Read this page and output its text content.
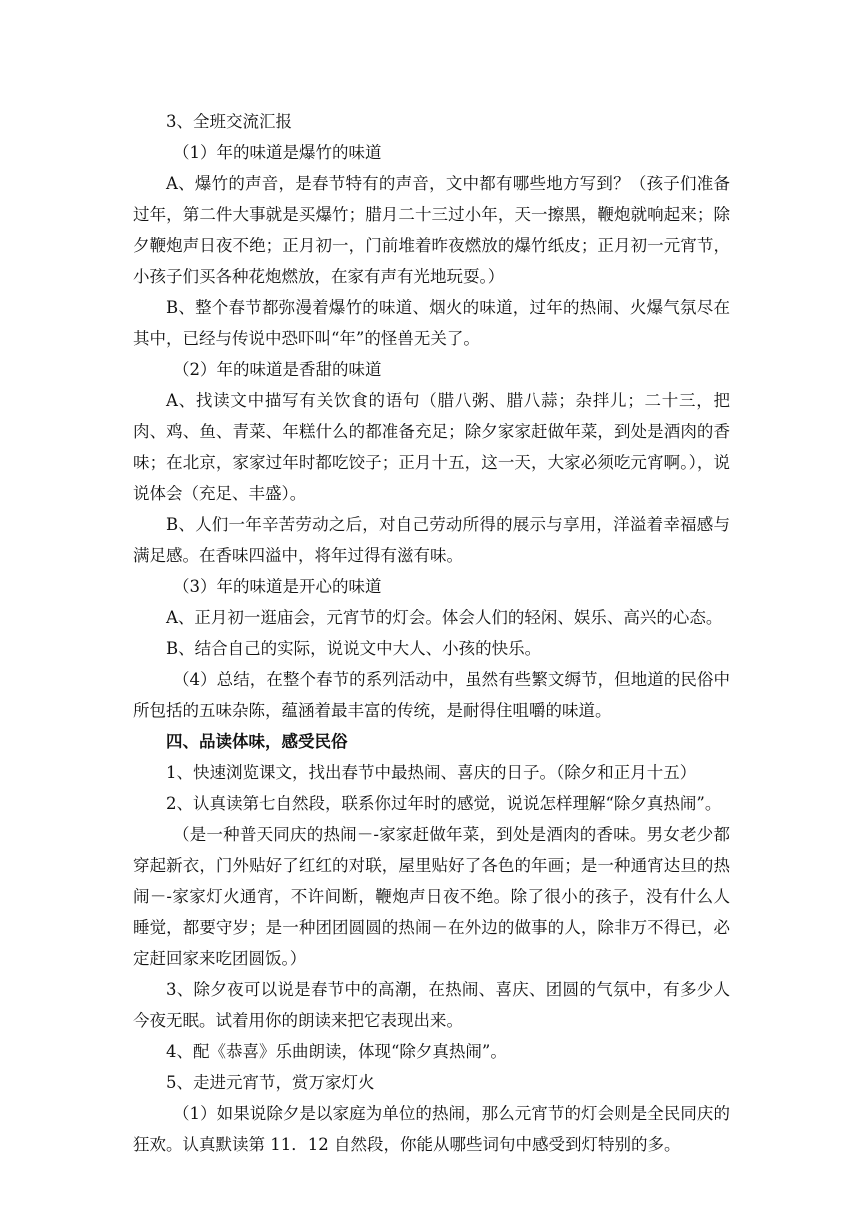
3、全班交流汇报

（1）年的味道是爆竹的味道

A、爆竹的声音，是春节特有的声音，文中都有哪些地方写到？（孩子们准备过年，第二件大事就是买爆竹；腊月二十三过小年，天一擦黑，鞭炮就响起来；除夕鞭炮声日夜不绝；正月初一，门前堆着昨夜燃放的爆竹纸皮；正月初一元宵节，小孩子们买各种花炮燃放，在家有声有光地玩耍。）

B、整个春节都弥漫着爆竹的味道、烟火的味道，过年的热闹、火爆气氛尽在其中，已经与传说中恐吓叫“年”的怪兽无关了。

（2）年的味道是香甜的味道

A、找读文中描写有关饮食的语句（腊八粥、腊八蒜；杂拌儿；二十三，把肉、鸡、鱼、青菜、年糕什么的都准备充足；除夕家家赶做年菜，到处是酒肉的香味；在北京，家家过年时都吃饺子；正月十五，这一天，大家必须吃元宵啊。），说说体会（充足、丰盛）。

B、人们一年辛苦劳动之后，对自己劳动所得的展示与享用，洋溢着幸福感与满足感。在香味四溢中，将年过得有滋有味。

（3）年的味道是开心的味道

A、正月初一逛庙会，元宵节的灯会。体会人们的轻闲、娱乐、高兴的心态。

B、结合自己的实际，说说文中大人、小孩的快乐。

（4）总结，在整个春节的系列活动中，虽然有些繁文缛节，但地道的民俗中所包括的五味杂陈，蕴涵着最丰富的传统，是耐得住咀嚼的味道。

四、品读体味，感受民俗

1、快速浏览课文，找出春节中最热闹、喜庆的日子。（除夕和正月十五）

2、认真读第七自然段，联系你过年时的感觉，说说怎样理解“除夕真热闹”。

（是一种普天同庆的热闹－-家家赶做年菜，到处是酒肉的香味。男女老少都穿起新衣，门外贴好了红红的对联，屋里贴好了各色的年画；是一种通宵达旦的热闹－-家家灯火通宵，不许间断，鞭炮声日夜不绝。除了很小的孩子，没有什么人睡觉，都要守岁；是一种团团圆圆的热闹－在外边的做事的人，除非万不得已，必定赶回家来吃团圆饭。）

3、除夕夜可以说是春节中的高潮，在热闹、喜庆、团圆的气氛中，有多少人今夜无眠。试着用你的朗读来把它表现出来。

4、配《恭喜》乐曲朗读，体现“除夕真热闹”。

5、走进元宵节，赏万家灯火

（1）如果说除夕是以家庭为单位的热闹，那么元宵节的灯会则是全民同庆的狂欢。认真默读第 11．12 自然段，你能从哪些词句中感受到灯特别的多。
